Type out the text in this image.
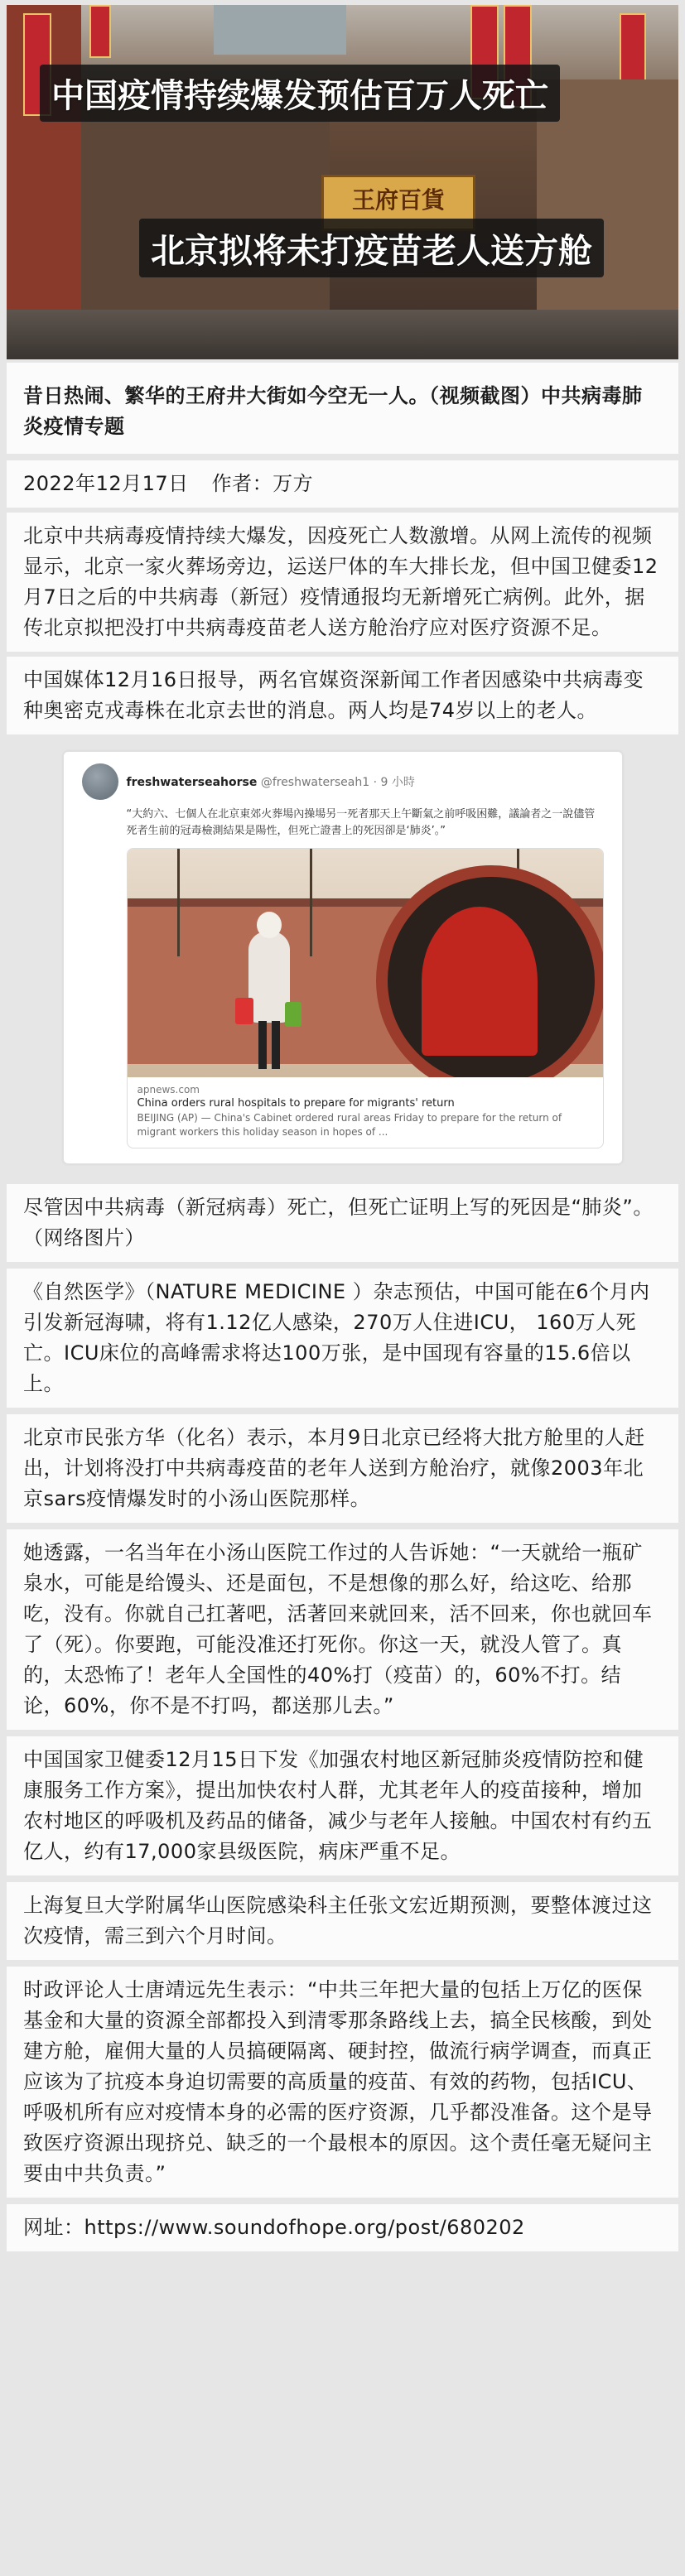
王府百貨
中国疫情持续爆发预估百万人死亡
北京拟将未打疫苗老人送方舱
昔日热闹、繁华的王府井大街如今空无一人。（视频截图）中共病毒肺炎疫情专题
2022年12月17日 作者：万方
北京中共病毒疫情持续大爆发，因疫死亡人数激增。从网上流传的视频显示，北京一家火葬场旁边，运送尸体的车大排长龙，但中国卫健委12月7日之后的中共病毒（新冠）疫情通报均无新增死亡病例。此外，据传北京拟把没打中共病毒疫苗老人送方舱治疗应对医疗资源不足。
中国媒体12月16日报导，两名官媒资深新闻工作者因感染中共病毒变种奥密克戎毒株在北京去世的消息。两人均是74岁以上的老人。
freshwaterseahorse @freshwaterseah1 · 9 小時
“大約六、七個人在北京東郊火葬場內操場另一死者那天上午斷氣之前呼吸困難，議論者之一說儘管死者生前的冠毒檢測結果是陽性，但死亡證書上的死因卻是‘肺炎’。”
apnews.com
China orders rural hospitals to prepare for migrants' return
BEIJING (AP) — China's Cabinet ordered rural areas Friday to prepare for the return of migrant workers this holiday season in hopes of ...
尽管因中共病毒（新冠病毒）死亡，但死亡证明上写的死因是“肺炎”。（网络图片）
《自然医学》（NATURE MEDICINE ）杂志预估，中国可能在6个月内引发新冠海啸，将有1.12亿人感染，270万人住进ICU， 160万人死亡。ICU床位的高峰需求将达100万张，是中国现有容量的15.6倍以上。
北京市民张方华（化名）表示，本月9日北京已经将大批方舱里的人赶出，计划将没打中共病毒疫苗的老年人送到方舱治疗，就像2003年北京sars疫情爆发时的小汤山医院那样。
她透露，一名当年在小汤山医院工作过的人告诉她：“一天就给一瓶矿泉水，可能是给馒头、还是面包，不是想像的那么好，给这吃、给那吃，没有。你就自己扛著吧，活著回来就回来，活不回来，你也就回车了（死）。你要跑，可能没准还打死你。你这一天，就没人管了。真的，太恐怖了！老年人全国性的40%打（疫苗）的，60%不打。结论，60%，你不是不打吗，都送那儿去。”
中国国家卫健委12月15日下发《加强农村地区新冠肺炎疫情防控和健康服务工作方案》，提出加快农村人群，尤其老年人的疫苗接种，增加农村地区的呼吸机及药品的储备，减少与老年人接触。中国农村有约五亿人，约有17,000家县级医院，病床严重不足。
上海复旦大学附属华山医院感染科主任张文宏近期预测，要整体渡过这次疫情，需三到六个月时间。
时政评论人士唐靖远先生表示：“中共三年把大量的包括上万亿的医保基金和大量的资源全部都投入到清零那条路线上去，搞全民核酸，到处建方舱，雇佣大量的人员搞硬隔离、硬封控，做流行病学调查，而真正应该为了抗疫本身迫切需要的高质量的疫苗、有效的药物，包括ICU、呼吸机所有应对疫情本身的必需的医疗资源，几乎都没准备。这个是导致医疗资源出现挤兑、缺乏的一个最根本的原因。这个责任毫无疑问主要由中共负责。”
网址：https://www.soundofhope.org/post/680202
